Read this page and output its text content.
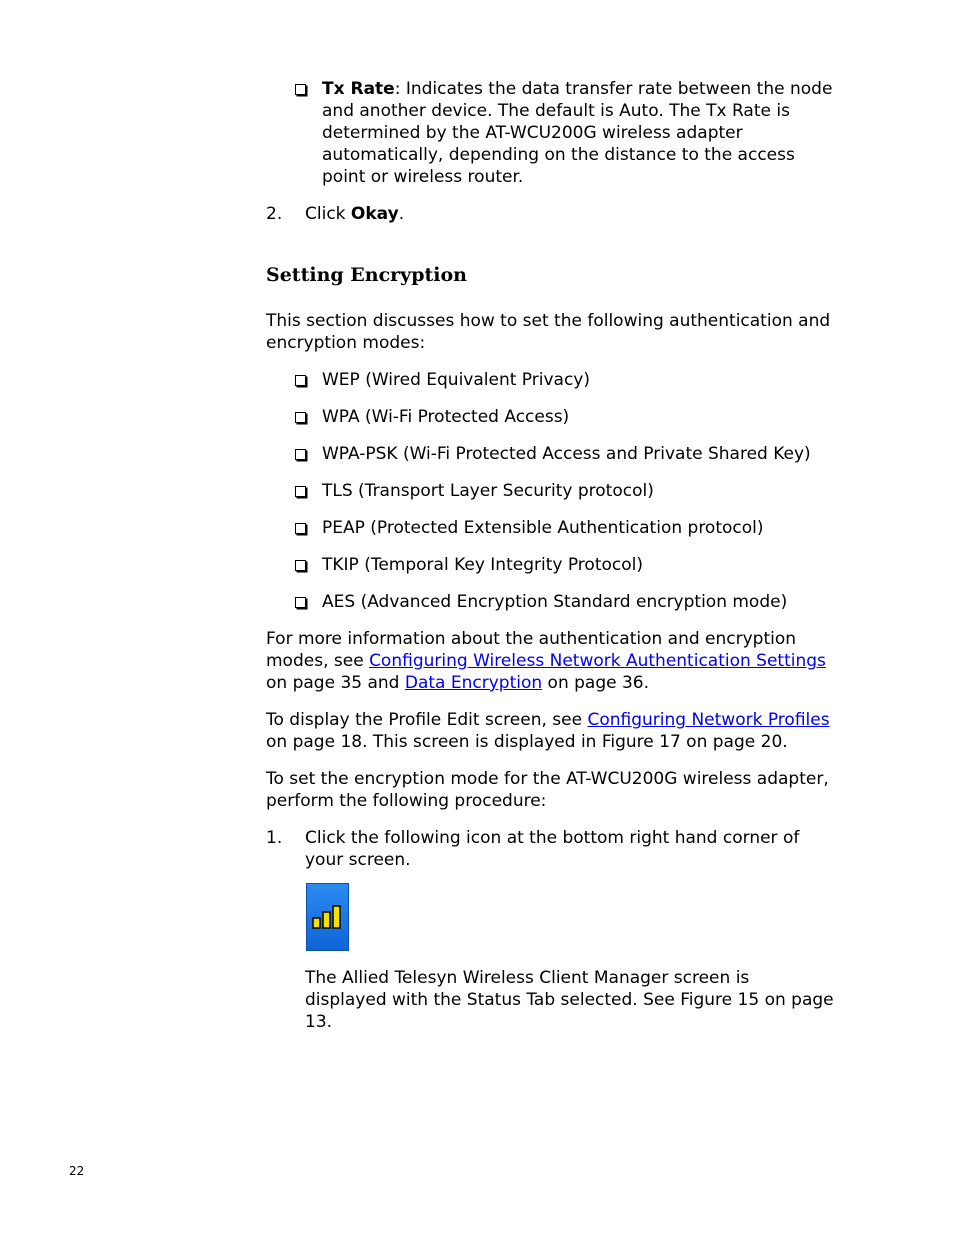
Tx Rate: Indicates the data transfer rate between the node and another device. The default is Auto. The Tx Rate is determined by the AT-WCU200G wireless adapter automatically, depending on the distance to the access point or wireless router.
2. Click Okay.
Setting Encryption

This section discusses how to set the following authentication and encryption modes:

WEP (Wired Equivalent Privacy)
WPA (Wi-Fi Protected Access)
WPA-PSK (Wi-Fi Protected Access and Private Shared Key)
TLS (Transport Layer Security protocol)
PEAP (Protected Extensible Authentication protocol)
TKIP (Temporal Key Integrity Protocol)
AES (Advanced Encryption Standard encryption mode)

For more information about the authentication and encryption modes, see Configuring Wireless Network Authentication Settings on page 35 and Data Encryption on page 36.

To display the Profile Edit screen, see Configuring Network Profiles on page 18. This screen is displayed in Figure 17 on page 20.

To set the encryption mode for the AT-WCU200G wireless adapter, perform the following procedure:

1. Click the following icon at the bottom right hand corner of your screen.

The Allied Telesyn Wireless Client Manager screen is displayed with the Status Tab selected. See Figure 15 on page 13.

22
